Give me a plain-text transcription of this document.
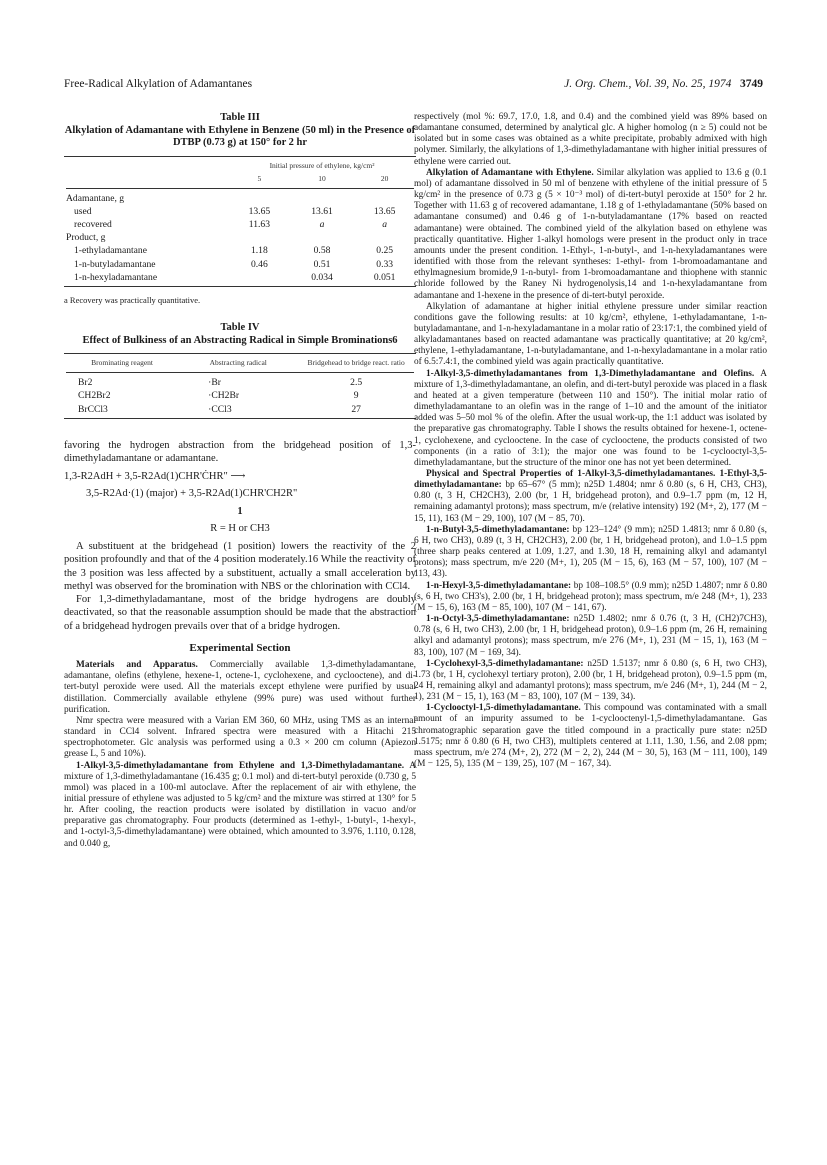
Free-Radical Alkylation of Adamantanes	J. Org. Chem., Vol. 39, No. 25, 1974 3749
Table III
Alkylation of Adamantane with Ethylene in Benzene (50 ml) in the Presence of DTBP (0.73 g) at 150° for 2 hr
	Initial pressure of ethylene, kg/cm²		
	5	10	20

Adamantane, g			
used	13.65	13.61	13.65
recovered	11.63	a	a
Product, g			
1-ethyladamantane	1.18	0.58	0.25
1-n-butyladamantane	0.46	0.51	0.33
1-n-hexyladamantane		0.034	0.051
a Recovery was practically quantitative.
Table IV
Effect of Bulkiness of an Abstracting Radical in Simple Brominations6
Brominating reagent	Abstracting radical	Bridgehead to bridge react. ratio

Br2	·Br	2.5
CH2Br2	·CH2Br	9
BrCCl3	·CCl3	27

favoring the hydrogen abstraction from the bridgehead position of 1,3-dimethyladamantane or adamantane.

1,3-R2AdH + 3,5-R2Ad(1)CHR'ĊHR" ⟶
3,5-R2Ad·(1) (major) + 3,5-R2Ad(1)CHR'CH2R"
1
R = H or CH3

A substituent at the bridgehead (1 position) lowers the reactivity of the 2 position profoundly and that of the 4 position moderately.16 While the reactivity of the 3 position was less affected by a substituent, actually a small acceleration by methyl was observed for the bromination with NBS or the chlorination with CCl4.

For 1,3-dimethyladamantane, most of the bridge hydrogens are doubly deactivated, so that the reasonable assumption should be made that the abstraction of a bridgehead hydrogen prevails over that of a bridge hydrogen.

Experimental Section

Materials and Apparatus. Commercially available 1,3-dimethyladamantane, adamantane, olefins (ethylene, hexene-1, octene-1, cyclohexene, and cyclooctene), and di-tert-butyl peroxide were used. All the materials except ethylene were purified by usual distillation. Commercially available ethylene (99% pure) was used without further purification.

Nmr spectra were measured with a Varian EM 360, 60 MHz, using TMS as an internal standard in CCl4 solvent. Infrared spectra were measured with a Hitachi 215 spectrophotometer. Glc analysis was performed using a 0.3 × 200 cm column (Apiezon grease L, 5 and 10%).

1-Alkyl-3,5-dimethyladamantane from Ethylene and 1,3-Dimethyladamantane. A mixture of 1,3-dimethyladamantane (16.435 g; 0.1 mol) and di-tert-butyl peroxide (0.730 g, 5 mmol) was placed in a 100-ml autoclave. After the replacement of air with ethylene, the initial pressure of ethylene was adjusted to 5 kg/cm² and the mixture was stirred at 130° for 5 hr. After cooling, the reaction products were isolated by distillation in vacuo and/or preparative gas chromatography. Four products (determined as 1-ethyl-, 1-butyl-, 1-hexyl-, and 1-octyl-3,5-dimethyladamantane) were obtained, which amounted to 3.976, 1.110, 0.128, and 0.040 g,

respectively (mol %: 69.7, 17.0, 1.8, and 0.4) and the combined yield was 89% based on adamantane consumed, determined by analytical glc. A higher homolog (n ≥ 5) could not be isolated but in some cases was obtained as a white precipitate, probably admixed with high polymer. Similarly, the alkylations of 1,3-dimethyladamantane with higher initial pressures of ethylene were carried out.

Alkylation of Adamantane with Ethylene. Similar alkylation was applied to 13.6 g (0.1 mol) of adamantane dissolved in 50 ml of benzene with ethylene of the initial pressure of 5 kg/cm² in the presence of 0.73 g (5 × 10⁻³ mol) of di-tert-butyl peroxide at 150° for 2 hr. Together with 11.63 g of recovered adamantane, 1.18 g of 1-ethyladamantane (50% based on adamantane consumed) and 0.46 g of 1-n-butyladamantane (17% based on reacted adamantane) were obtained. The combined yield of the alkylation based on ethylene was practically quantitative. Higher 1-alkyl homologs were present in the product only in trace amounts under the present condition. 1-Ethyl-, 1-n-butyl-, and 1-n-hexyladamantanes were identified with those from the relevant syntheses: 1-ethyl- from 1-bromoadamantane and ethylmagnesium bromide,9 1-n-butyl- from 1-bromoadamantane and thiophene with stannic chloride followed by the Raney Ni hydrogenolysis,14 and 1-n-hexyladamantane from adamantane and 1-hexene in the presence of di-tert-butyl peroxide.

Alkylation of adamantane at higher initial ethylene pressure under similar reaction conditions gave the following results: at 10 kg/cm², ethylene, 1-ethyladamantane, 1-n-butyladamantane, and 1-n-hexyladamantane in a molar ratio of 23:17:1, the combined yield of alkyladamantanes based on reacted adamantane was practically quantitative; at 20 kg/cm², ethylene, 1-ethyladamantane, 1-n-butyladamantane, and 1-n-hexyladamantane in a molar ratio of 6.5:7.4:1, the combined yield was again practically quantitative.

1-Alkyl-3,5-dimethyladamantanes from 1,3-Dimethyladamantane and Olefins. A mixture of 1,3-dimethyladamantane, an olefin, and di-tert-butyl peroxide was placed in a flask and heated at a given temperature (between 110 and 150°). The initial molar ratio of dimethyladamantane to an olefin was in the range of 1–10 and the amount of the initiator added was 5–50 mol % of the olefin. After the usual work-up, the 1:1 adduct was isolated by the preparative gas chromatography. Table I shows the results obtained for hexene-1, octene-1, cyclohexene, and cyclooctene. In the case of cyclooctene, the products consisted of two components (in a ratio of 3:1); the major one was found to be 1-cyclooctyl-3,5-dimethyladamantane, but the structure of the minor one has not yet been determined.

Physical and Spectral Properties of 1-Alkyl-3,5-dimethyladamantanes. 1-Ethyl-3,5-dimethyladamantane: bp 65–67° (5 mm); n25D 1.4804; nmr δ 0.80 (s, 6 H, CH3, CH3), 0.80 (t, 3 H, CH2CH3), 2.00 (br, 1 H, bridgehead proton), and 0.9–1.7 ppm (m, 12 H, remaining adamantyl protons); mass spectrum, m/e (relative intensity) 192 (M+, 2), 177 (M − 15, 11), 163 (M − 29, 100), 107 (M − 85, 70).

1-n-Butyl-3,5-dimethyladamantane: bp 123–124° (9 mm); n25D 1.4813; nmr δ 0.80 (s, 6 H, two CH3), 0.89 (t, 3 H, CH2CH3), 2.00 (br, 1 H, bridgehead proton), and 1.0–1.5 ppm (three sharp peaks centered at 1.09, 1.27, and 1.30, 18 H, remaining alkyl and adamantyl protons); mass spectrum, m/e 220 (M+, 1), 205 (M − 15, 6), 163 (M − 57, 100), 107 (M − 113, 43).

1-n-Hexyl-3,5-dimethyladamantane: bp 108–108.5° (0.9 mm); n25D 1.4807; nmr δ 0.80 (s, 6 H, two CH3's), 2.00 (br, 1 H, bridgehead proton); mass spectrum, m/e 248 (M+, 1), 233 (M − 15, 6), 163 (M − 85, 100), 107 (M − 141, 67).

1-n-Octyl-3,5-dimethyladamantane: n25D 1.4802; nmr δ 0.76 (t, 3 H, (CH2)7CH3), 0.78 (s, 6 H, two CH3), 2.00 (br, 1 H, bridgehead proton), 0.9–1.6 ppm (m, 26 H, remaining alkyl and adamantyl protons); mass spectrum, m/e 276 (M+, 1), 231 (M − 15, 1), 163 (M − 83, 100), 107 (M − 169, 34).

1-Cyclohexyl-3,5-dimethyladamantane: n25D 1.5137; nmr δ 0.80 (s, 6 H, two CH3), 1.73 (br, 1 H, cyclohexyl tertiary proton), 2.00 (br, 1 H, bridgehead proton), 0.9–1.5 ppm (m, 24 H, remaining alkyl and adamantyl protons); mass spectrum, m/e 246 (M+, 1), 244 (M − 2, 1), 231 (M − 15, 1), 163 (M − 83, 100), 107 (M − 139, 34).

1-Cyclooctyl-1,5-dimethyladamantane. This compound was contaminated with a small amount of an impurity assumed to be 1-cyclooctenyl-1,5-dimethyladamantane. Gas chromatographic separation gave the titled compound in a practically pure state: n25D 1.5175; nmr δ 0.80 (6 H, two CH3), multiplets centered at 1.11, 1.30, 1.56, and 2.08 ppm; mass spectrum, m/e 274 (M+, 2), 272 (M − 2, 2), 244 (M − 30, 5), 163 (M − 111, 100), 149 (M − 125, 5), 135 (M − 139, 25), 107 (M − 167, 34).
